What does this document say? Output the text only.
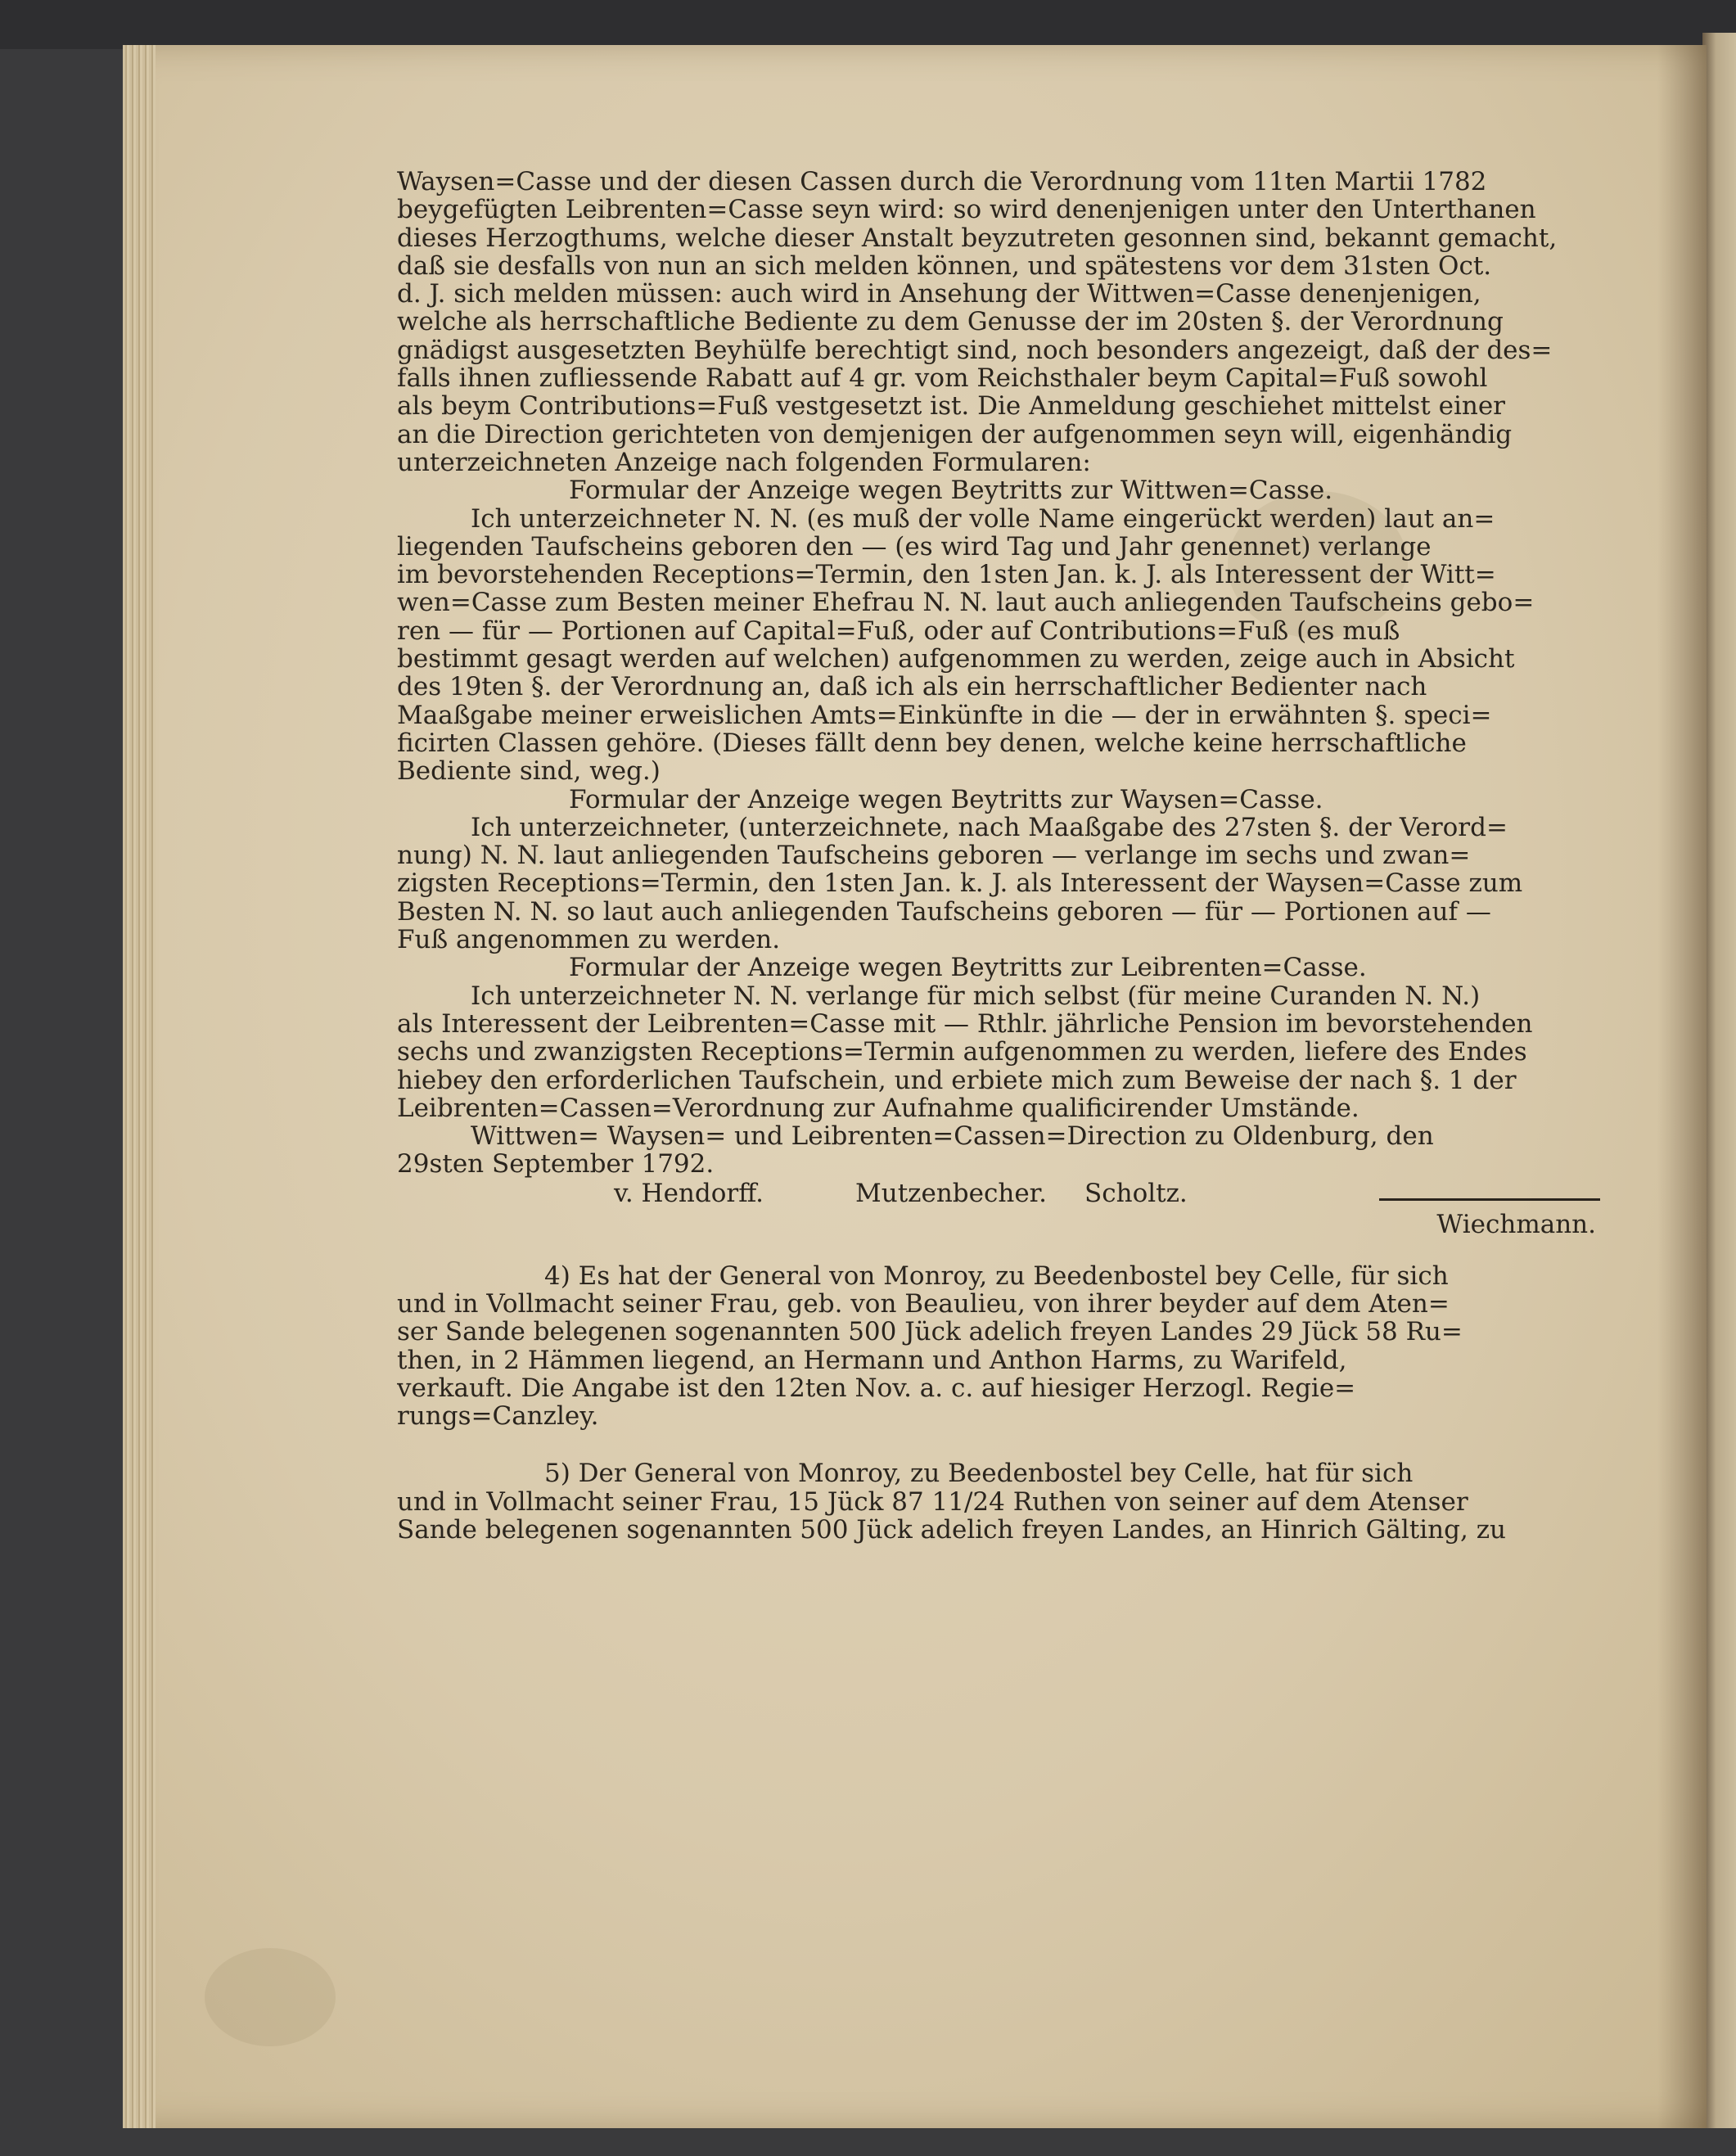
Waysen=Casse und der diesen Cassen durch die Verordnung vom 11ten Martii 1782
beygefügten Leibrenten=Casse seyn wird: so wird denenjenigen unter den Unterthanen
dieses Herzogthums, welche dieser Anstalt beyzutreten gesonnen sind, bekannt gemacht,
daß sie desfalls von nun an sich melden können, und spätestens vor dem 31sten Oct.
d. J. sich melden müssen: auch wird in Ansehung der Wittwen=Casse denenjenigen,
welche als herrschaftliche Bediente zu dem Genusse der im 20sten §. der Verordnung
gnädigst ausgesetzten Beyhülfe berechtigt sind, noch besonders angezeigt, daß der des=
falls ihnen zufliessende Rabatt auf 4 gr. vom Reichsthaler beym Capital=Fuß sowohl
als beym Contributions=Fuß vestgesetzt ist. Die Anmeldung geschiehet mittelst einer
an die Direction gerichteten von demjenigen der aufgenommen seyn will, eigenhändig
unterzeichneten Anzeige nach folgenden Formularen:
Formular der Anzeige wegen Beytritts zur Wittwen=Casse.
Ich unterzeichneter N. N. (es muß der volle Name eingerückt werden) laut an=
liegenden Taufscheins geboren den — (es wird Tag und Jahr genennet) verlange
im bevorstehenden Receptions=Termin, den 1sten Jan. k. J. als Interessent der Witt=
wen=Casse zum Besten meiner Ehefrau N. N. laut auch anliegenden Taufscheins gebo=
ren — für — Portionen auf Capital=Fuß, oder auf Contributions=Fuß (es muß
bestimmt gesagt werden auf welchen) aufgenommen zu werden, zeige auch in Absicht
des 19ten §. der Verordnung an, daß ich als ein herrschaftlicher Bedienter nach
Maaßgabe meiner erweislichen Amts=Einkünfte in die — der in erwähnten §. speci=
ficirten Classen gehöre. (Dieses fällt denn bey denen, welche keine herrschaftliche
Bediente sind, weg.)
Formular der Anzeige wegen Beytritts zur Waysen=Casse.
Ich unterzeichneter, (unterzeichnete, nach Maaßgabe des 27sten §. der Verord=
nung) N. N. laut anliegenden Taufscheins geboren — verlange im sechs und zwan=
zigsten Receptions=Termin, den 1sten Jan. k. J. als Interessent der Waysen=Casse zum
Besten N. N. so laut auch anliegenden Taufscheins geboren — für — Portionen auf —
Fuß angenommen zu werden.
Formular der Anzeige wegen Beytritts zur Leibrenten=Casse.
Ich unterzeichneter N. N. verlange für mich selbst (für meine Curanden N. N.)
als Interessent der Leibrenten=Casse mit — Rthlr. jährliche Pension im bevorstehenden
sechs und zwanzigsten Receptions=Termin aufgenommen zu werden, liefere des Endes
hiebey den erforderlichen Taufschein, und erbiete mich zum Beweise der nach §. 1 der
Leibrenten=Cassen=Verordnung zur Aufnahme qualificirender Umstände.
Wittwen= Waysen= und Leibrenten=Cassen=Direction zu Oldenburg, den
29sten September 1792.
v. Hendorff.	Mutzenbecher. Scholtz.
Wiechmann.
4) Es hat der General von Monroy, zu Beedenbostel bey Celle, für sich
und in Vollmacht seiner Frau, geb. von Beaulieu, von ihrer beyder auf dem Aten=
ser Sande belegenen sogenannten 500 Jück adelich freyen Landes 29 Jück 58 Ru=
then, in 2 Hämmen liegend, an Hermann und Anthon Harms, zu Warifeld,
verkauft. Die Angabe ist den 12ten Nov. a. c. auf hiesiger Herzogl. Regie=
rungs=Canzley.
5) Der General von Monroy, zu Beedenbostel bey Celle, hat für sich
und in Vollmacht seiner Frau, 15 Jück 87 11/24 Ruthen von seiner auf dem Atenser
Sande belegenen sogenannten 500 Jück adelich freyen Landes, an Hinrich Gälting, zu
